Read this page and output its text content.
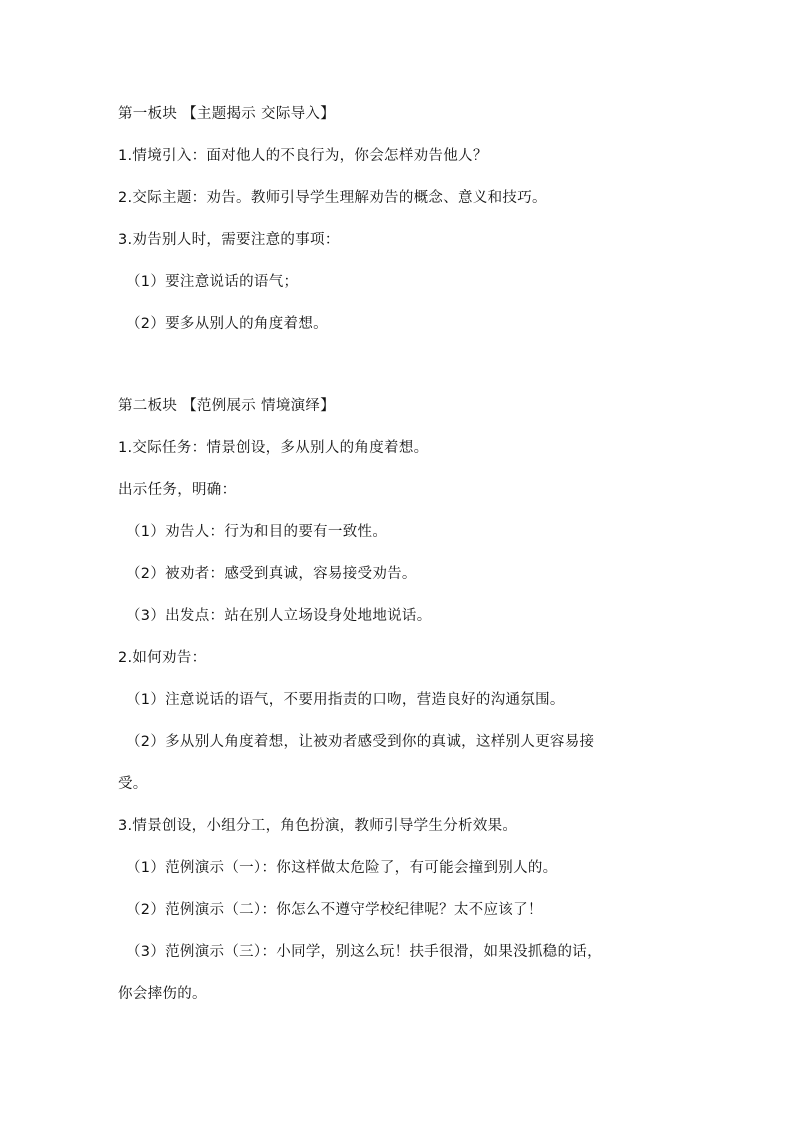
第一板块 【主题揭示 交际导入】
1.情境引入：面对他人的不良行为，你会怎样劝告他人？
2.交际主题：劝告。教师引导学生理解劝告的概念、意义和技巧。
3.劝告别人时，需要注意的事项：
（1）要注意说话的语气；
（2）要多从别人的角度着想。
第二板块 【范例展示 情境演绎】
1.交际任务：情景创设，多从别人的角度着想。
出示任务，明确：
（1）劝告人：行为和目的要有一致性。
（2）被劝者：感受到真诚，容易接受劝告。
（3）出发点：站在别人立场设身处地地说话。
2.如何劝告：
（1）注意说话的语气，不要用指责的口吻，营造良好的沟通氛围。
（2）多从别人角度着想，让被劝者感受到你的真诚，这样别人更容易接
受。
3.情景创设，小组分工，角色扮演，教师引导学生分析效果。
（1）范例演示（一）：你这样做太危险了，有可能会撞到别人的。
（2）范例演示（二）：你怎么不遵守学校纪律呢？太不应该了！
（3）范例演示（三）：小同学，别这么玩！扶手很滑，如果没抓稳的话，
你会摔伤的。
